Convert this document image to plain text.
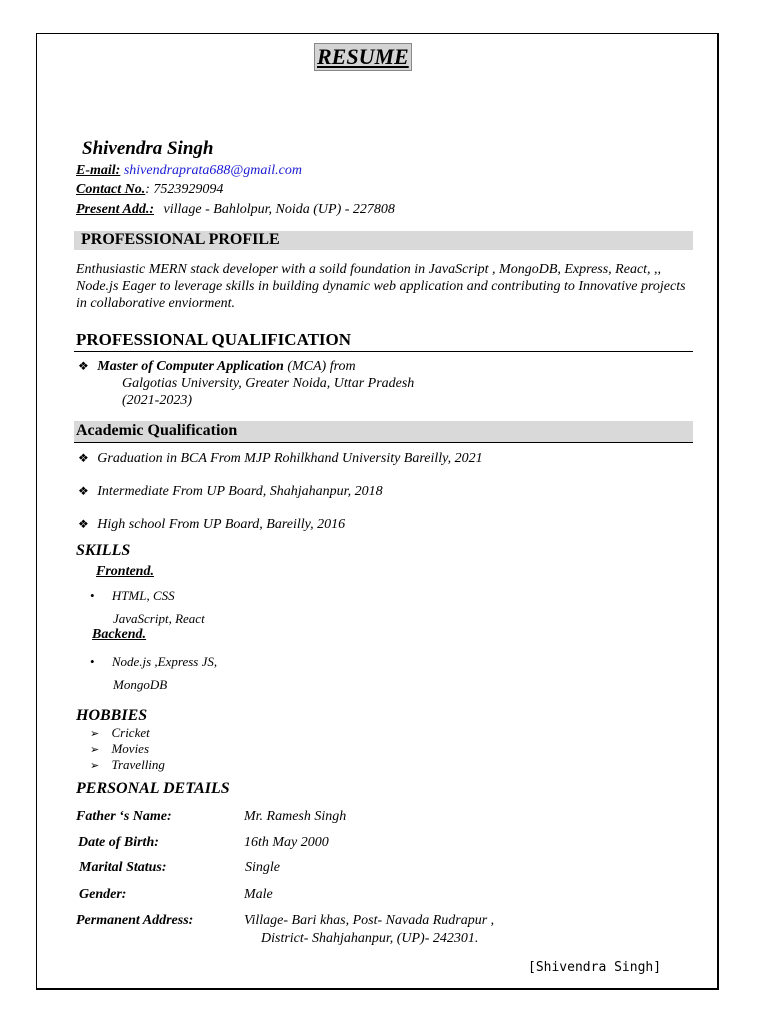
RESUME
Shivendra Singh
E-mail: shivendraprata688@gmail.com
Contact No.: 7523929094
Present Add.: village - Bahlolpur, Noida (UP) - 227808
PROFESSIONAL PROFILE
Enthusiastic MERN stack developer with a soild foundation in JavaScript , MongoDB, Express, React, ,, Node.js Eager to leverage skills in building dynamic web application and contributing to Innovative projects in collaborative enviorment.
PROFESSIONAL QUALIFICATION
❖ Master of Computer Application (MCA) from
Galgotias University, Greater Noida, Uttar Pradesh
(2021-2023)
Academic Qualification
❖ Graduation in BCA From MJP Rohilkhand University Bareilly, 2021
❖ Intermediate From UP Board, Shahjahanpur, 2018
❖ High school From UP Board, Bareilly, 2016
SKILLS
Frontend.
• HTML, CSS
JavaScript, React
Backend.
• Node.js ,Express JS,
MongoDB
HOBBIES
➢ Cricket
➢ Movies
➢ Travelling
PERSONAL DETAILS
Father ‘s Name:	Mr. Ramesh Singh
Date of Birth:	16th May 2000
Marital Status:	Single
Gender:	Male
Permanent Address:	Village- Bari khas, Post- Navada Rudrapur ,
District- Shahjahanpur, (UP)- 242301.
[Shivendra Singh]
